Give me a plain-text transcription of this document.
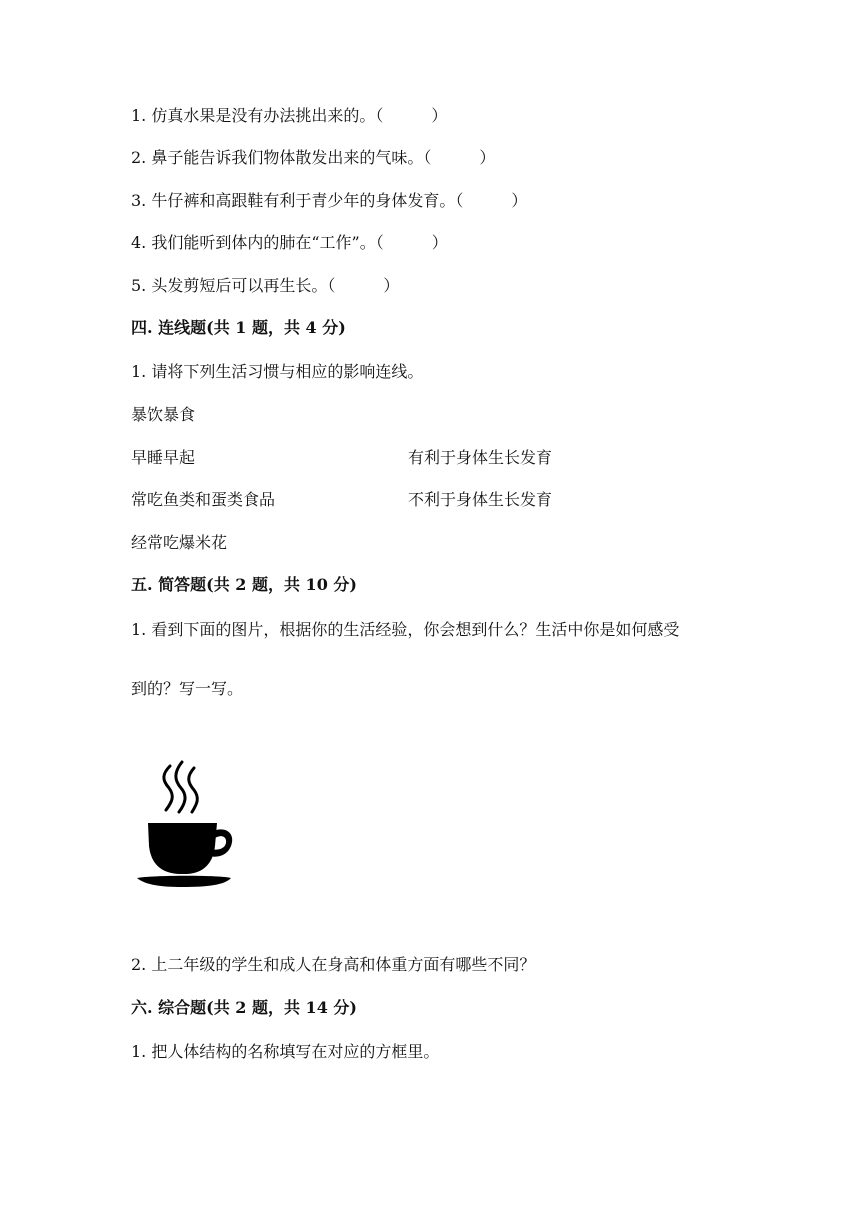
1. 仿真水果是没有办法挑出来的。（　　　）
2. 鼻子能告诉我们物体散发出来的气味。（　　　）
3. 牛仔裤和高跟鞋有利于青少年的身体发育。（　　　）
4. 我们能听到体内的肺在“工作”。（　　　）
5. 头发剪短后可以再生长。（　　　）
四. 连线题(共 1 题，共 4 分)
1. 请将下列生活习惯与相应的影响连线。
暴饮暴食
早睡早起	有利于身体生长发育
常吃鱼类和蛋类食品	不利于身体生长发育
经常吃爆米花
五. 简答题(共 2 题，共 10 分)
1. 看到下面的图片，根据你的生活经验，你会想到什么？生活中你是如何感受
到的？写一写。
2. 上二年级的学生和成人在身高和体重方面有哪些不同？
六. 综合题(共 2 题，共 14 分)
1. 把人体结构的名称填写在对应的方框里。
